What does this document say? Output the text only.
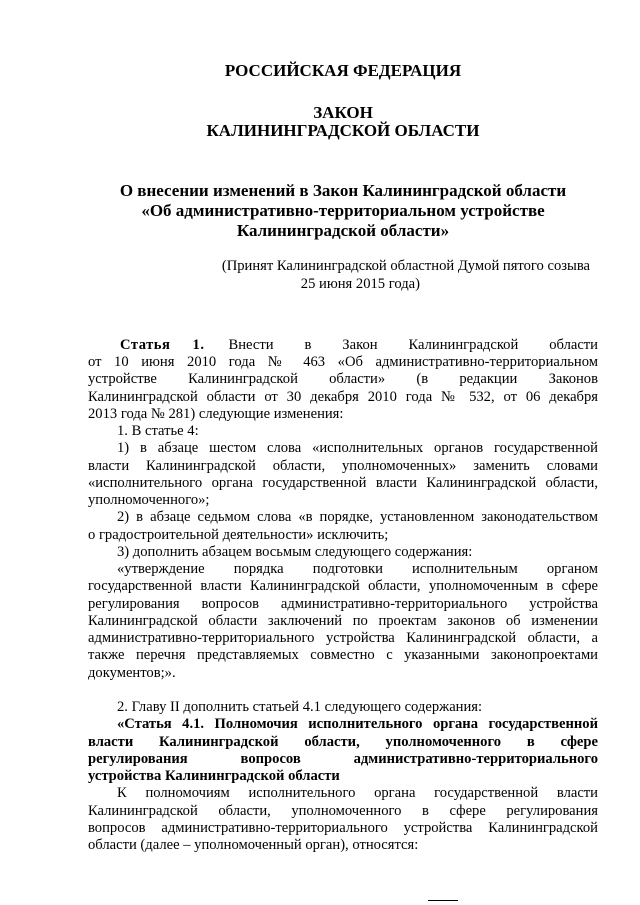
РОССИЙСКАЯ ФЕДЕРАЦИЯ
ЗАКОН
КАЛИНИНГРАДСКОЙ ОБЛАСТИ
О внесении изменений в Закон Калининградской области
«Об административно-территориальном устройстве
Калининградской области»
(Принят Калининградской областной Думой пятого созыва
25 июня 2015 года)
Статья 1. Внести в Закон Калининградской области
от 10 июня 2010 года № 463 «Об административно-территориальном
устройстве Калининградской области» (в редакции Законов
Калининградской области от 30 декабря 2010 года № 532, от 06 декабря
2013 года № 281) следующие изменения:
1. В статье 4:
1) в абзаце шестом слова «исполнительных органов государственной
власти Калининградской области, уполномоченных» заменить словами
«исполнительного органа государственной власти Калининградской области,
уполномоченного»;
2) в абзаце седьмом слова «в порядке, установленном законодательством
о градостроительной деятельности» исключить;
3) дополнить абзацем восьмым следующего содержания:
«утверждение порядка подготовки исполнительным органом
государственной власти Калининградской области, уполномоченным в сфере
регулирования вопросов административно-территориального устройства
Калининградской области заключений по проектам законов об изменении
административно-территориального устройства Калининградской области, а
также перечня представляемых совместно с указанными законопроектами
документов;».
2. Главу II дополнить статьей 4.1 следующего содержания:
«Статья 4.1. Полномочия исполнительного органа государственной
власти Калининградской области, уполномоченного в сфере
регулирования вопросов административно-территориального
устройства Калининградской области
К полномочиям исполнительного органа государственной власти
Калининградской области, уполномоченного в сфере регулирования
вопросов административно-территориального устройства Калининградской
области (далее – уполномоченный орган), относятся:
